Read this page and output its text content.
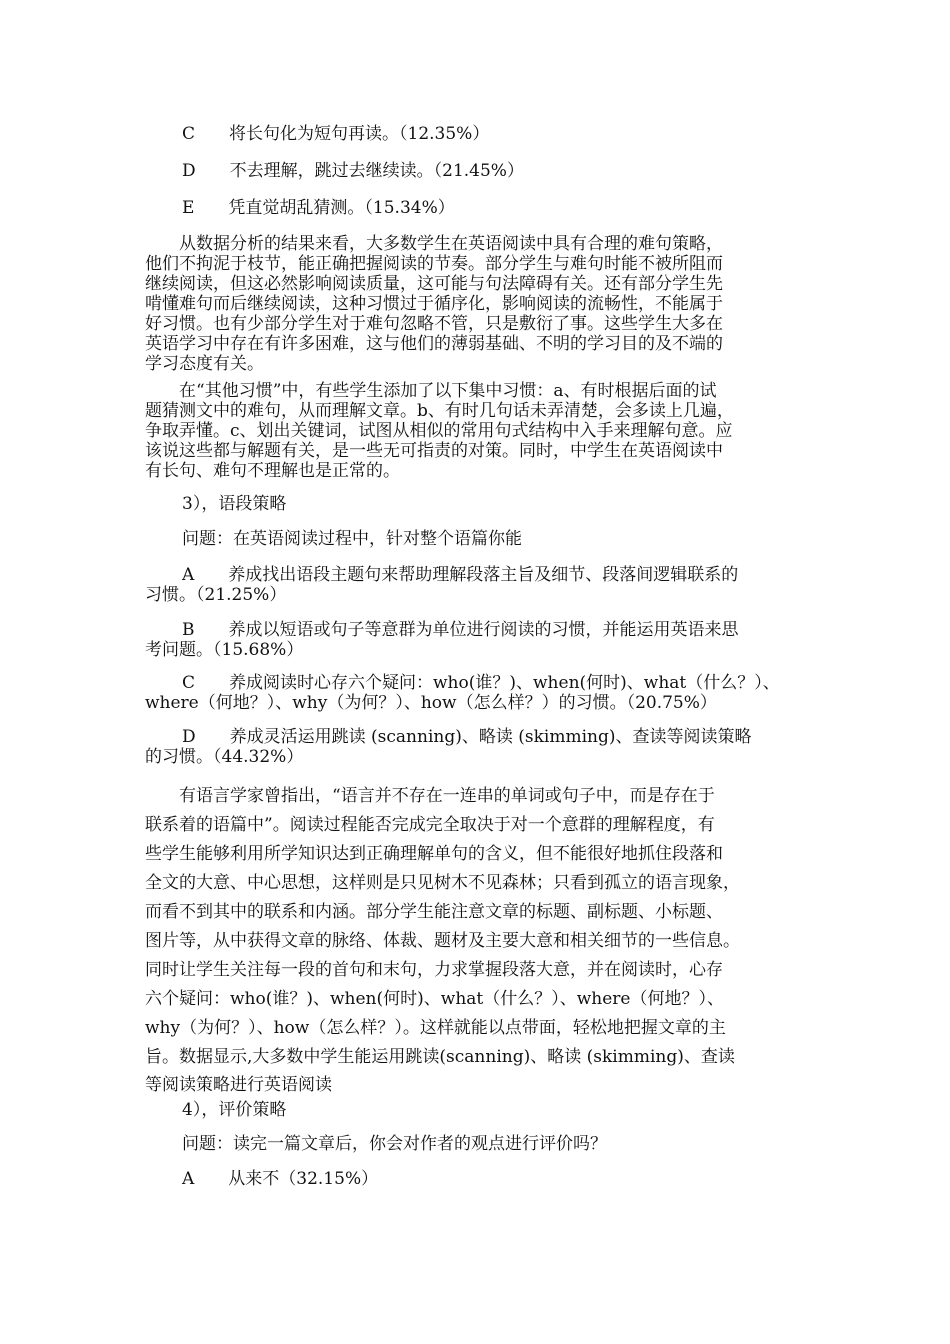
C　　将长句化为短句再读。（12.35%）
D　　不去理解，跳过去继续读。（21.45%）
E　　凭直觉胡乱猜测。（15.34%）
　　从数据分析的结果来看，大多数学生在英语阅读中具有合理的难句策略，
他们不拘泥于枝节，能正确把握阅读的节奏。部分学生与难句时能不被所阻而
继续阅读，但这必然影响阅读质量，这可能与句法障碍有关。还有部分学生先
啃懂难句而后继续阅读，这种习惯过于循序化，影响阅读的流畅性，不能属于
好习惯。也有少部分学生对于难句忽略不管，只是敷衍了事。这些学生大多在
英语学习中存在有许多困难，这与他们的薄弱基础、不明的学习目的及不端的
学习态度有关。
　　在“其他习惯”中，有些学生添加了以下集中习惯：a、有时根据后面的试
题猜测文中的难句，从而理解文章。b、有时几句话未弄清楚，会多读上几遍，
争取弄懂。c、划出关键词，试图从相似的常用句式结构中入手来理解句意。应
该说这些都与解题有关，是一些无可指责的对策。同时，中学生在英语阅读中
有长句、难句不理解也是正常的。
3），语段策略
问题：在英语阅读过程中，针对整个语篇你能
A　　养成找出语段主题句来帮助理解段落主旨及细节、段落间逻辑联系的
习惯。（21.25%）
B　　养成以短语或句子等意群为单位进行阅读的习惯，并能运用英语来思
考问题。（15.68%）
C　　养成阅读时心存六个疑问：who(谁？)、when(何时)、what（什么？）、
where（何地？）、why（为何？）、how（怎么样？）的习惯。（20.75%）
D　　养成灵活运用跳读 (scanning)、略读 (skimming)、查读等阅读策略
的习惯。（44.32%）
　　有语言学家曾指出，“语言并不存在一连串的单词或句子中，而是存在于
联系着的语篇中”。阅读过程能否完成完全取决于对一个意群的理解程度，有
些学生能够利用所学知识达到正确理解单句的含义，但不能很好地抓住段落和
全文的大意、中心思想，这样则是只见树木不见森林；只看到孤立的语言现象，
而看不到其中的联系和内涵。部分学生能注意文章的标题、副标题、小标题、
图片等，从中获得文章的脉络、体裁、题材及主要大意和相关细节的一些信息。
同时让学生关注每一段的首句和末句，力求掌握段落大意，并在阅读时，心存
六个疑问：who(谁？)、when(何时)、what（什么？）、where（何地？）、
why（为何？）、how（怎么样？）。这样就能以点带面，轻松地把握文章的主
旨。数据显示,大多数中学生能运用跳读(scanning)、略读 (skimming)、查读
等阅读策略进行英语阅读
4），评价策略
问题：读完一篇文章后，你会对作者的观点进行评价吗？
A　　从来不（32.15%）
